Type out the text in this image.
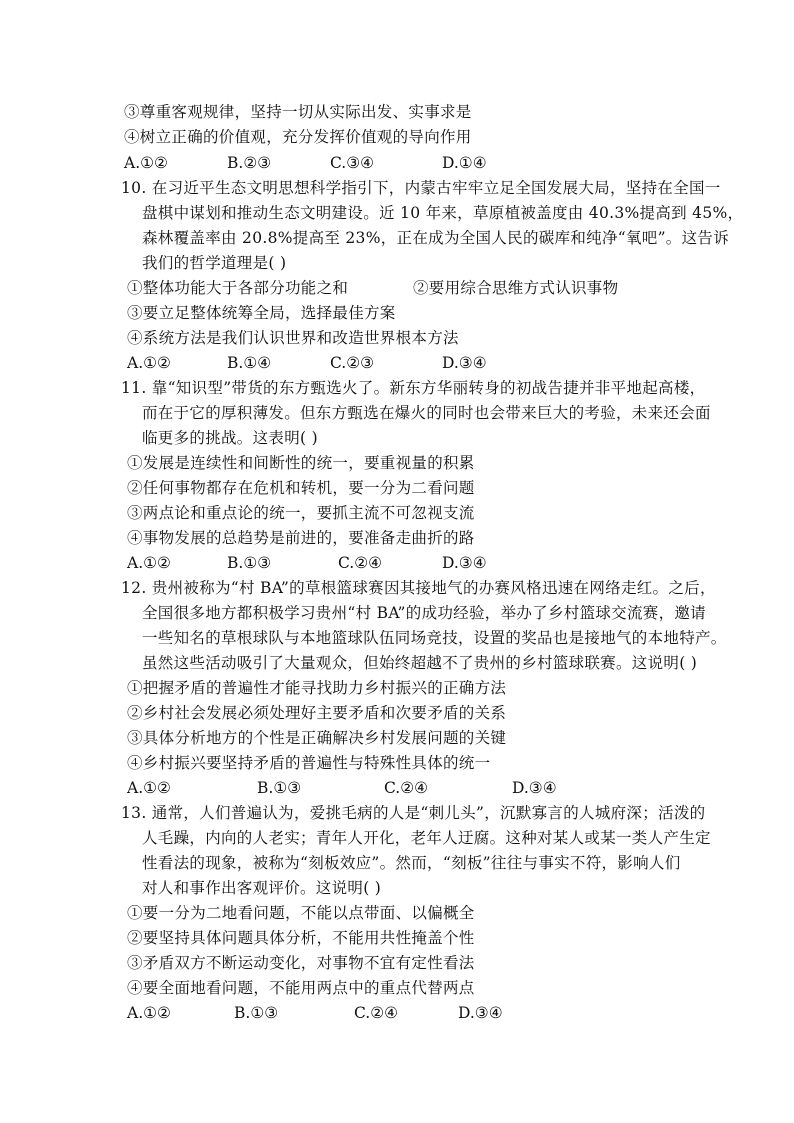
③尊重客观规律，坚持一切从实际出发、实事求是
④树立正确的价值观，充分发挥价值观的导向作用
A.①②	B.②③	C.③④	D.①④
10. 在习近平生态文明思想科学指引下，内蒙古牢牢立足全国发展大局，坚持在全国一
盘棋中谋划和推动生态文明建设。近 10 年来，草原植被盖度由 40.3%提高到 45%，
森林覆盖率由 20.8%提高至 23%，正在成为全国人民的碳库和纯净“氧吧”。这告诉
我们的哲学道理是( )
①整体功能大于各部分功能之和	②要用综合思维方式认识事物
③要立足整体统筹全局，选择最佳方案
④系统方法是我们认识世界和改造世界根本方法
A.①②	B.①④	C.②③	D.③④
11. 靠“知识型”带货的东方甄选火了。新东方华丽转身的初战告捷并非平地起高楼，
而在于它的厚积薄发。但东方甄选在爆火的同时也会带来巨大的考验，未来还会面
临更多的挑战。这表明( )
①发展是连续性和间断性的统一，要重视量的积累
②任何事物都存在危机和转机，要一分为二看问题
③两点论和重点论的统一，要抓主流不可忽视支流
④事物发展的总趋势是前进的，要准备走曲折的路
A.①②	B.①③	C.②④	D.③④
12. 贵州被称为“村 BA”的草根篮球赛因其接地气的办赛风格迅速在网络走红。之后，
全国很多地方都积极学习贵州“村 BA”的成功经验，举办了乡村篮球交流赛，邀请
一些知名的草根球队与本地篮球队伍同场竞技，设置的奖品也是接地气的本地特产。
虽然这些活动吸引了大量观众，但始终超越不了贵州的乡村篮球联赛。这说明( )
①把握矛盾的普遍性才能寻找助力乡村振兴的正确方法
②乡村社会发展必须处理好主要矛盾和次要矛盾的关系
③具体分析地方的个性是正确解决乡村发展问题的关键
④乡村振兴要坚持矛盾的普遍性与特殊性具体的统一
A.①②	B.①③	C.②④	D.③④
13. 通常，人们普遍认为，爱挑毛病的人是“刺儿头”，沉默寡言的人城府深；活泼的
人毛躁，内向的人老实；青年人开化，老年人迂腐。这种对某人或某一类人产生定
性看法的现象，被称为“刻板效应”。然而，“刻板”往往与事实不符，影响人们
对人和事作出客观评价。这说明( )
①要一分为二地看问题，不能以点带面、以偏概全
②要坚持具体问题具体分析，不能用共性掩盖个性
③矛盾双方不断运动变化，对事物不宜有定性看法
④要全面地看问题，不能用两点中的重点代替两点
A.①②	B.①③	C.②④	D.③④
